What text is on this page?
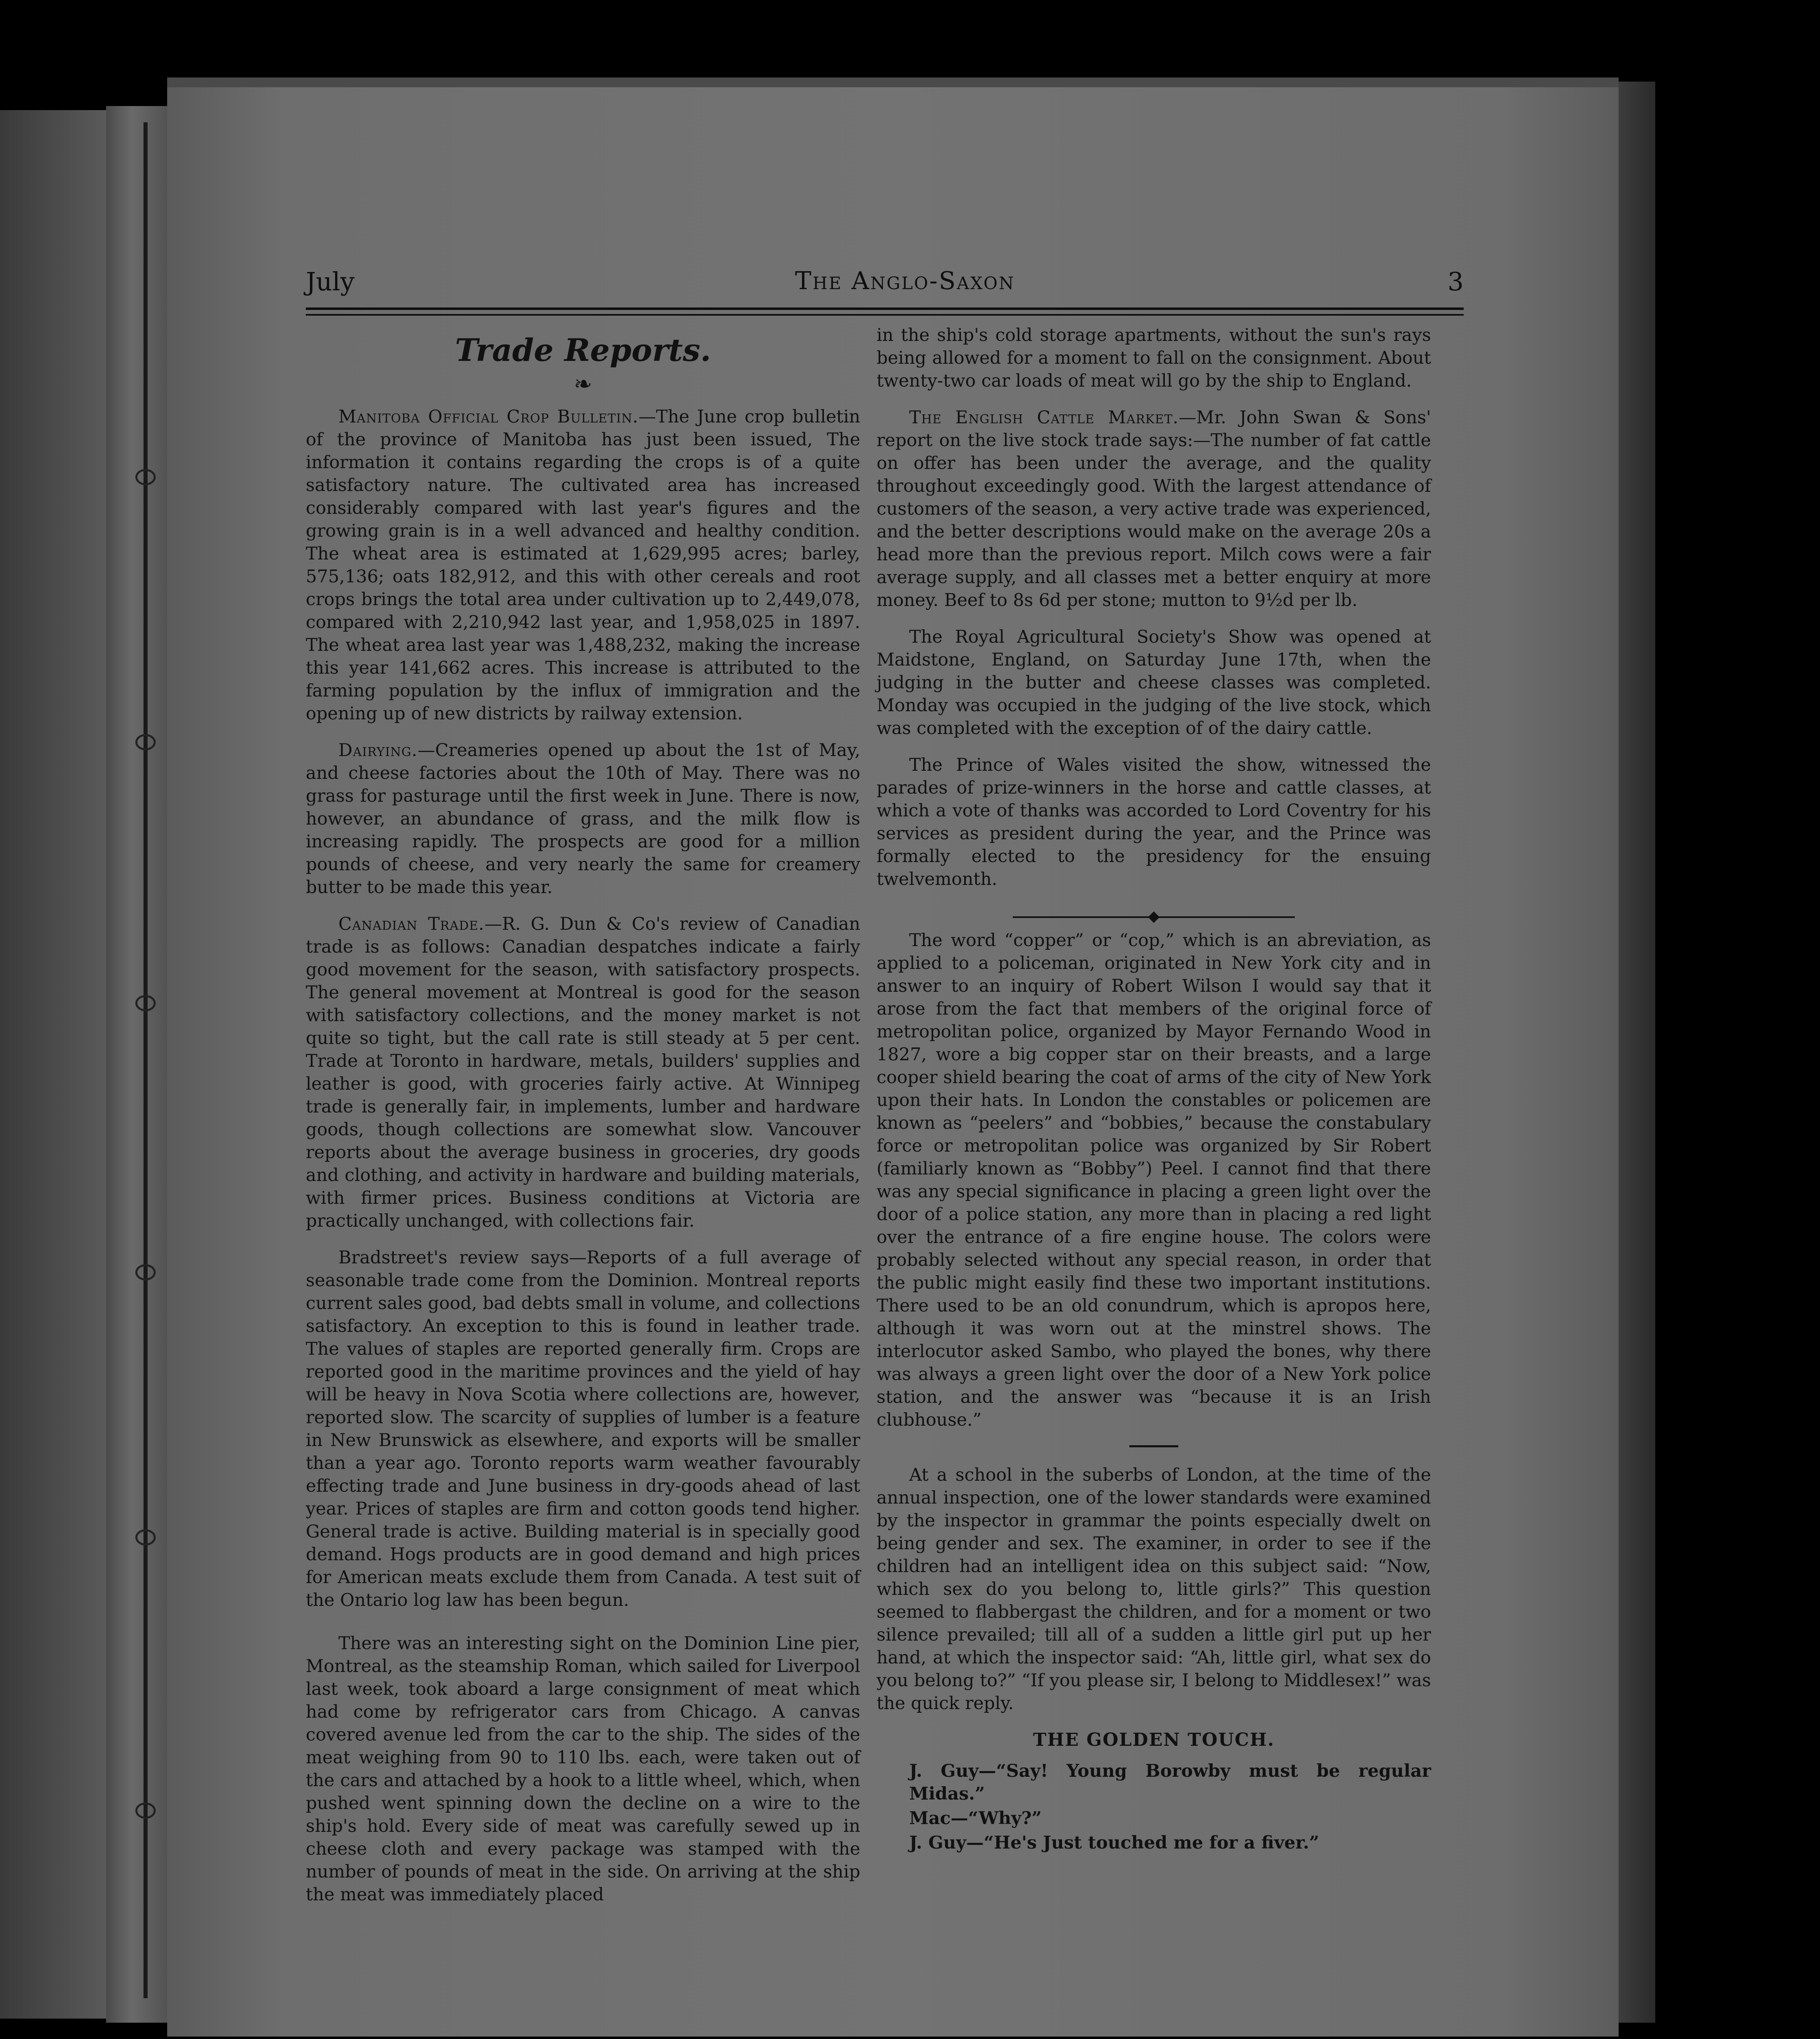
July	The Anglo-Saxon	3
Trade Reports.
❧

Manitoba Official Crop Bulletin.—The June crop bulletin of the province of Manitoba has just been issued, The information it contains regarding the crops is of a quite satisfactory nature. The cultivated area has increased considerably compared with last year's figures and the growing grain is in a well advanced and healthy condition. The wheat area is estimated at 1,629,995 acres; barley, 575,136; oats 182,912, and this with other cereals and root crops brings the total area under cultivation up to 2,449,078, compared with 2,210,942 last year, and 1,958,025 in 1897. The wheat area last year was 1,488,232, making the increase this year 141,662 acres. This increase is attributed to the farming population by the influx of immigration and the opening up of new districts by railway extension.

Dairying.—Creameries opened up about the 1st of May, and cheese factories about the 10th of May. There was no grass for pasturage until the first week in June. There is now, however, an abundance of grass, and the milk flow is increasing rapidly. The prospects are good for a million pounds of cheese, and very nearly the same for creamery butter to be made this year.

Canadian Trade.—R. G. Dun & Co's review of Canadian trade is as follows: Canadian despatches indicate a fairly good movement for the season, with satisfactory prospects. The general movement at Montreal is good for the season with satisfactory collections, and the money market is not quite so tight, but the call rate is still steady at 5 per cent. Trade at Toronto in hardware, metals, builders' supplies and leather is good, with groceries fairly active. At Winnipeg trade is generally fair, in implements, lumber and hardware goods, though collections are somewhat slow. Vancouver reports about the average business in groceries, dry goods and clothing, and activity in hardware and building materials, with firmer prices. Business conditions at Victoria are practically unchanged, with collections fair.

Bradstreet's review says—Reports of a full average of seasonable trade come from the Dominion. Montreal reports current sales good, bad debts small in volume, and collections satisfactory. An exception to this is found in leather trade. The values of staples are reported generally firm. Crops are reported good in the maritime provinces and the yield of hay will be heavy in Nova Scotia where collections are, however, reported slow. The scarcity of supplies of lumber is a feature in New Brunswick as elsewhere, and exports will be smaller than a year ago. Toronto reports warm weather favourably effecting trade and June business in dry-goods ahead of last year. Prices of staples are firm and cotton goods tend higher. General trade is active. Building material is in specially good demand. Hogs products are in good demand and high prices for American meats exclude them from Canada. A test suit of the Ontario log law has been begun.

There was an interesting sight on the Dominion Line pier, Montreal, as the steamship Roman, which sailed for Liverpool last week, took aboard a large consignment of meat which had come by refrigerator cars from Chicago. A canvas covered avenue led from the car to the ship. The sides of the meat weighing from 90 to 110 lbs. each, were taken out of the cars and attached by a hook to a little wheel, which, when pushed went spinning down the decline on a wire to the ship's hold. Every side of meat was carefully sewed up in cheese cloth and every package was stamped with the number of pounds of meat in the side. On arriving at the ship the meat was immediately placed

in the ship's cold storage apartments, without the sun's rays being allowed for a moment to fall on the consignment. About twenty-two car loads of meat will go by the ship to England.

The English Cattle Market.—Mr. John Swan & Sons' report on the live stock trade says:—The number of fat cattle on offer has been under the average, and the quality throughout exceedingly good. With the largest attendance of customers of the season, a very active trade was experienced, and the better descriptions would make on the average 20s a head more than the previous report. Milch cows were a fair average supply, and all classes met a better enquiry at more money. Beef to 8s 6d per stone; mutton to 9½d per lb.

The Royal Agricultural Society's Show was opened at Maidstone, England, on Saturday June 17th, when the judging in the butter and cheese classes was completed. Monday was occupied in the judging of the live stock, which was completed with the exception of of the dairy cattle.

The Prince of Wales visited the show, witnessed the parades of prize-winners in the horse and cattle classes, at which a vote of thanks was accorded to Lord Coventry for his services as president during the year, and the Prince was formally elected to the presidency for the ensuing twelvemonth.

The word “copper” or “cop,” which is an abreviation, as applied to a policeman, originated in New York city and in answer to an inquiry of Robert Wilson I would say that it arose from the fact that members of the original force of metropolitan police, organized by Mayor Fernando Wood in 1827, wore a big copper star on their breasts, and a large cooper shield bearing the coat of arms of the city of New York upon their hats. In London the constables or policemen are known as “peelers” and “bobbies,” because the constabulary force or metropolitan police was organized by Sir Robert (familiarly known as “Bobby”) Peel. I cannot find that there was any special significance in placing a green light over the door of a police station, any more than in placing a red light over the entrance of a fire engine house. The colors were probably selected without any special reason, in order that the public might easily find these two important institutions. There used to be an old conundrum, which is apropos here, although it was worn out at the minstrel shows. The interlocutor asked Sambo, who played the bones, why there was always a green light over the door of a New York police station, and the answer was “because it is an Irish clubhouse.”

At a school in the suberbs of London, at the time of the annual inspection, one of the lower standards were examined by the inspector in grammar the points especially dwelt on being gender and sex. The examiner, in order to see if the children had an intelligent idea on this subject said: “Now, which sex do you belong to, little girls?” This question seemed to flabbergast the children, and for a moment or two silence prevailed; till all of a sudden a little girl put up her hand, at which the inspector said: “Ah, little girl, what sex do you belong to?” “If you please sir, I belong to Middlesex!” was the quick reply.

THE GOLDEN TOUCH.
J. Guy—“Say! Young Borowby must be regular Midas.”
Mac—“Why?”
J. Guy—“He's Just touched me for a fiver.”
